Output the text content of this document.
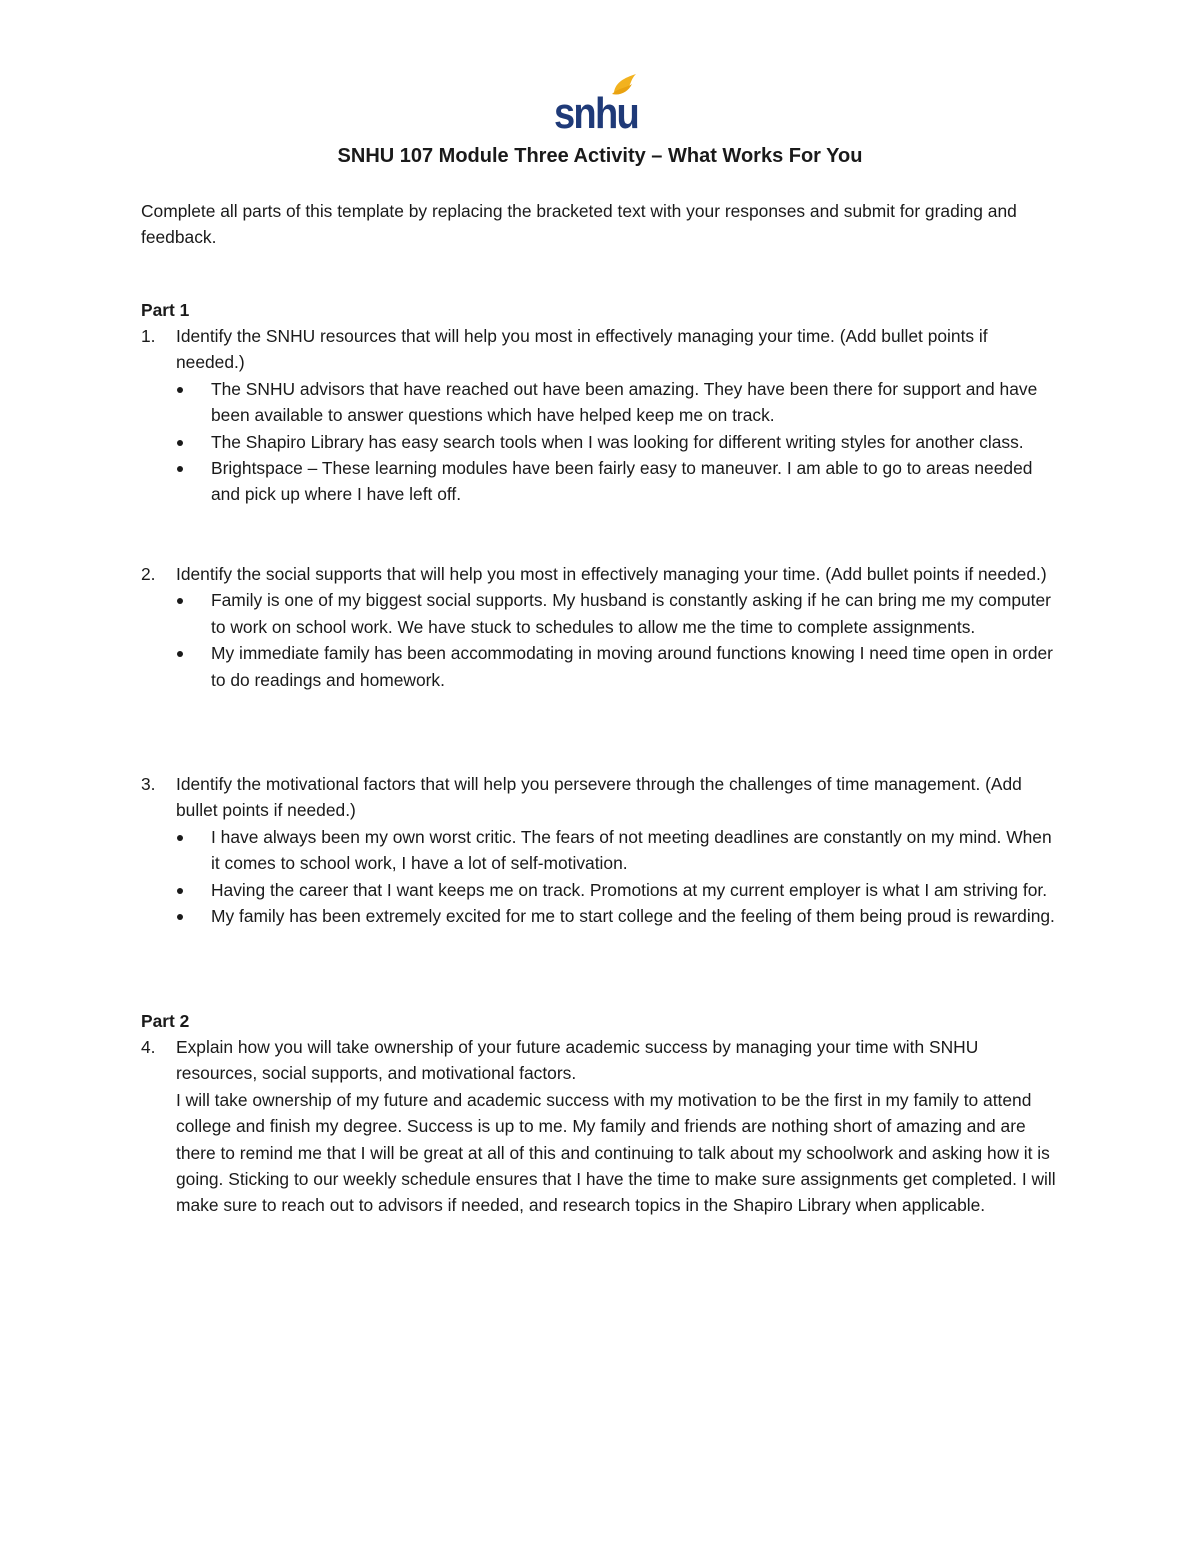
snhu
SNHU 107 Module Three Activity – What Works For You
Complete all parts of this template by replacing the bracketed text with your responses and submit for grading and feedback.
Part 1
1.	Identify the SNHU resources that will help you most in effectively managing your time. (Add bullet points if needed.)
The SNHU advisors that have reached out have been amazing. They have been there for support and have been available to answer questions which have helped keep me on track.
The Shapiro Library has easy search tools when I was looking for different writing styles for another class.
Brightspace – These learning modules have been fairly easy to maneuver. I am able to go to areas needed and pick up where I have left off.
2.	Identify the social supports that will help you most in effectively managing your time. (Add bullet points if needed.)
Family is one of my biggest social supports. My husband is constantly asking if he can bring me my computer to work on school work. We have stuck to schedules to allow me the time to complete assignments.
My immediate family has been accommodating in moving around functions knowing I need time open in order to do readings and homework.
3.	Identify the motivational factors that will help you persevere through the challenges of time management. (Add bullet points if needed.)
I have always been my own worst critic. The fears of not meeting deadlines are constantly on my mind. When it comes to school work, I have a lot of self-motivation.
Having the career that I want keeps me on track. Promotions at my current employer is what I am striving for.
My family has been extremely excited for me to start college and the feeling of them being proud is rewarding.
Part 2
4.	Explain how you will take ownership of your future academic success by managing your time with SNHU resources, social supports, and motivational factors.
I will take ownership of my future and academic success with my motivation to be the first in my family to attend college and finish my degree. Success is up to me. My family and friends are nothing short of amazing and are there to remind me that I will be great at all of this and continuing to talk about my schoolwork and asking how it is going. Sticking to our weekly schedule ensures that I have the time to make sure assignments get completed. I will make sure to reach out to advisors if needed, and research topics in the Shapiro Library when applicable.
